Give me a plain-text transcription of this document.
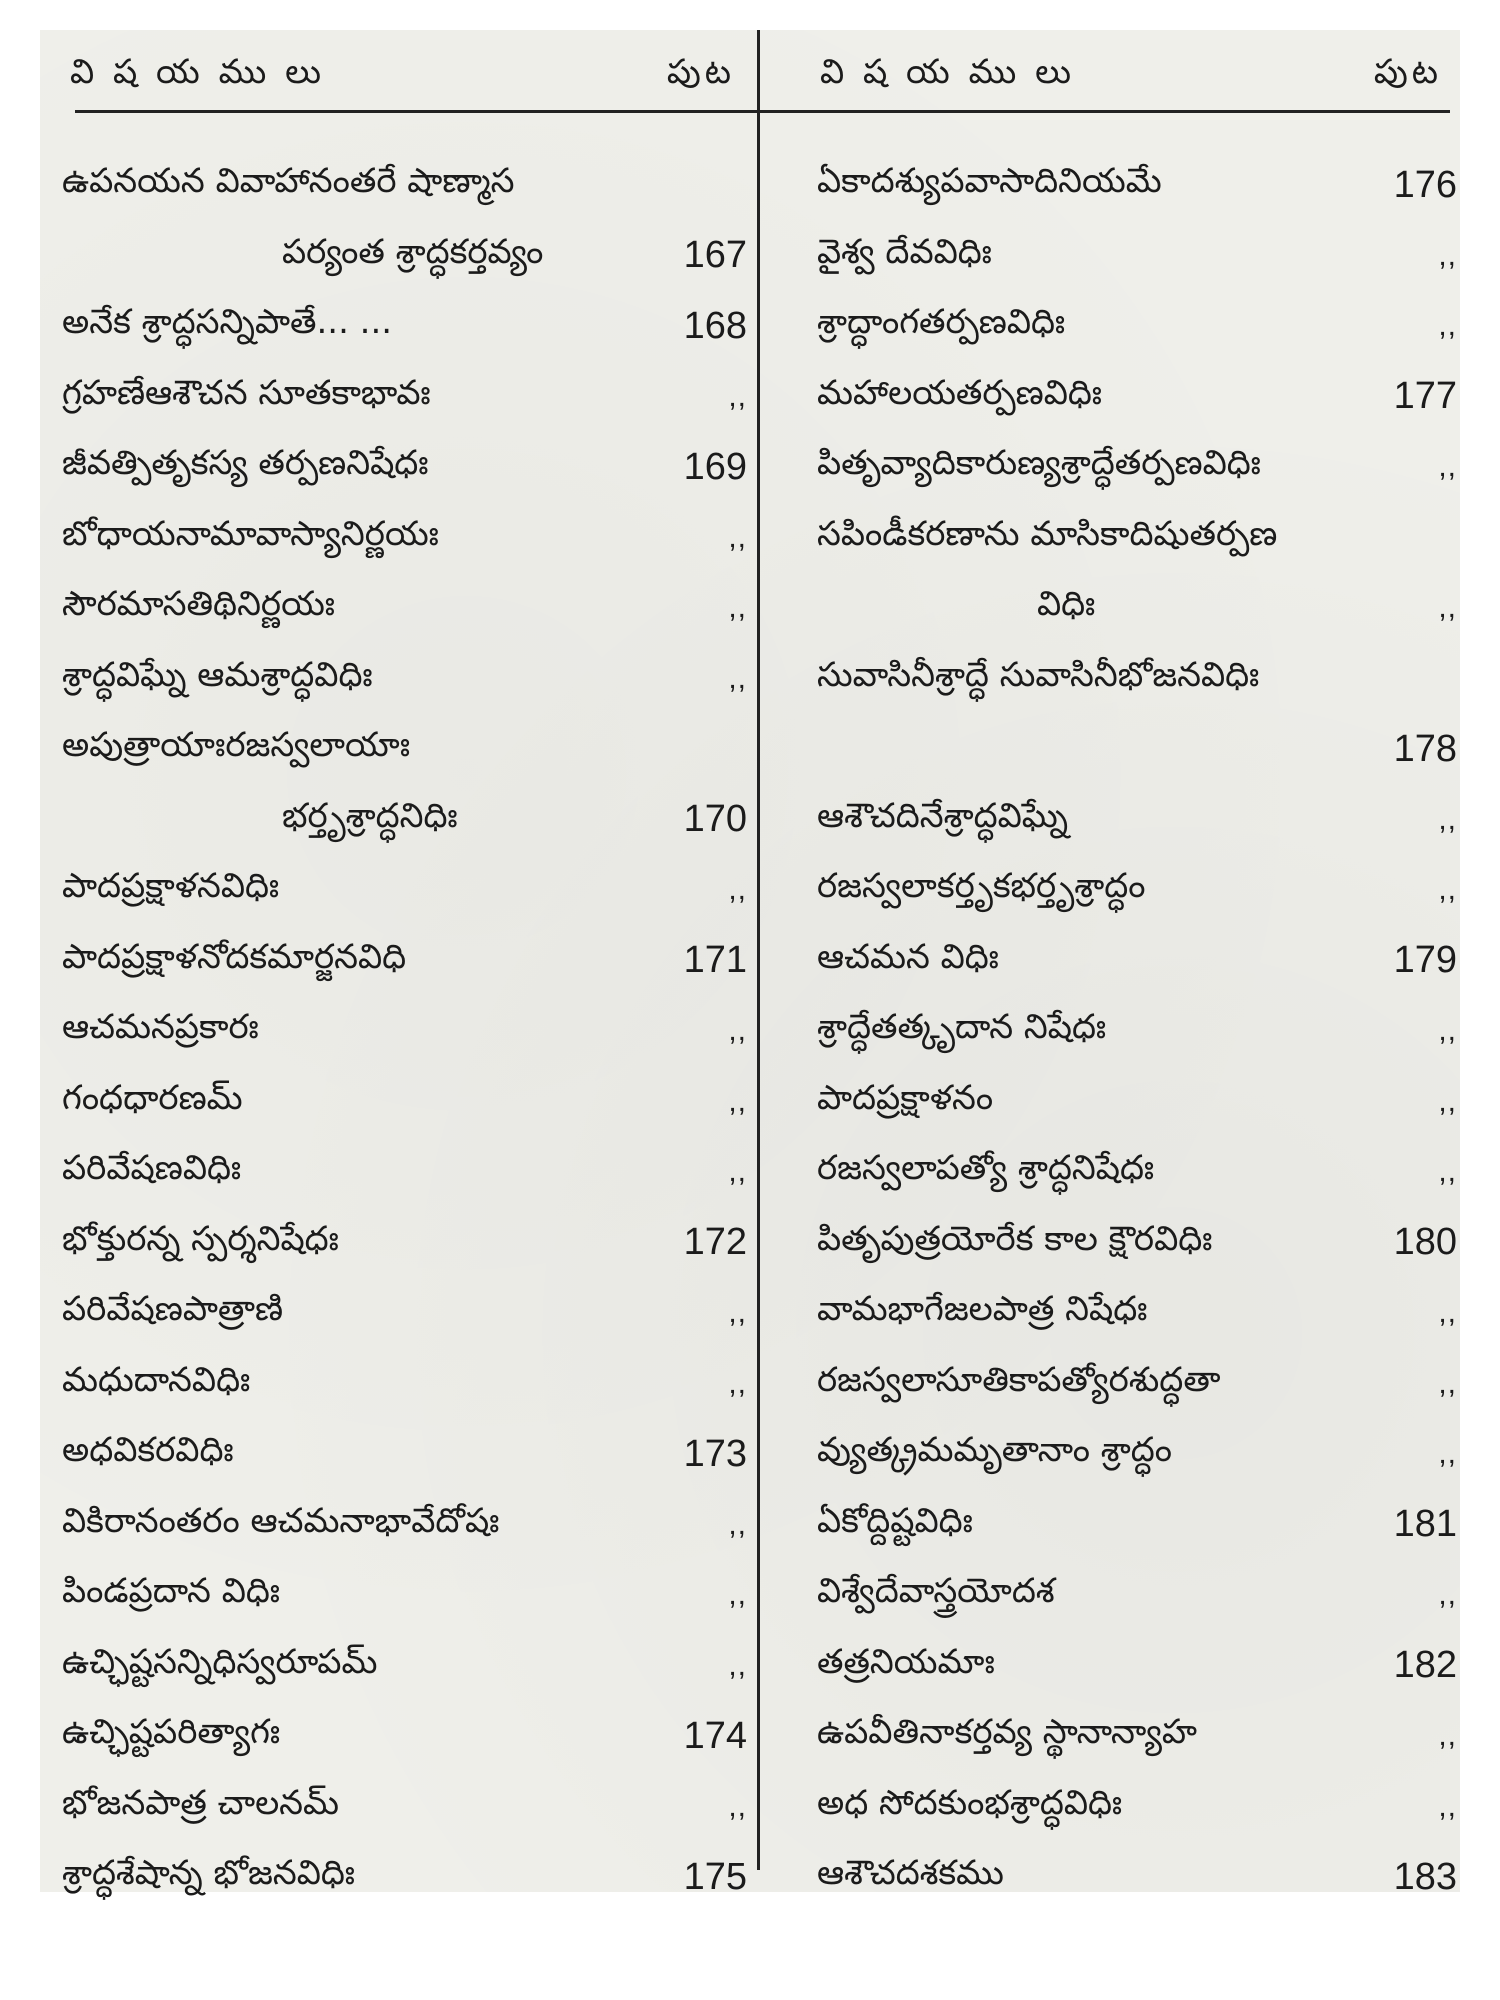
వి ష య ము లు	పుట
ఉపనయన వివాహానంతరే షాణ్మాస
పర్యంత శ్రాద్ధకర్తవ్యం	167
అనేక శ్రాద్ధసన్నిపాతే... ...	168
గ్రహణేఆశౌచన సూతకాభావః	,,
జీవత్పితృకస్య తర్పణనిషేధః	169
బోధాయనామావాస్యానిర్ణయః	,,
సౌరమాసతిథినిర్ణయః	,,
శ్రాద్ధవిఘ్నే ఆమశ్రాద్ధవిధిః	,,
అపుత్రాయాఃరజస్వలాయాః
భర్తృశ్రాద్ధనిధిః	170
పాదప్రక్షాళనవిధిః	,,
పాదప్రక్షాళనోదకమార్జనవిధి	171
ఆచమనప్రకారః	,,
గంధధారణమ్	,,
పరివేషణవిధిః	,,
భోక్తురన్న స్పర్శనిషేధః	172
పరివేషణపాత్రాణి	,,
మధుదానవిధిః	,,
అధవికరవిధిః	173
వికిరానంతరం ఆచమనాభావేదోషః	,,
పిండప్రదాన విధిః	,,
ఉచ్ఛిష్టసన్నిధిస్వరూపమ్	,,
ఉచ్ఛిష్టపరిత్యాగః	174
భోజనపాత్ర చాలనమ్	,,
శ్రాద్ధశేషాన్న భోజనవిధిః	175
వి ష య ము లు	పుట
ఏకాదశ్యుపవాసాదినియమే	176
వైశ్వ దేవవిధిః	,,
శ్రాద్ధాంగతర్పణవిధిః	,,
మహాలయతర్పణవిధిః	177
పితృవ్యాదికారుణ్యశ్రాద్ధేతర్పణవిధిః	,,
సపిండీకరణాను మాసికాదిషుతర్పణ
విధిః	,,
సువాసినీశ్రాద్ధే సువాసినీభోజనవిధిః
178
ఆశౌచదినేశ్రాద్ధవిఘ్నే	,,
రజస్వలాకర్తృకభర్తృశ్రాద్ధం	,,
ఆచమన విధిః	179
శ్రాద్ధేతత్కృదాన నిషేధః	,,
పాదప్రక్షాళనం	,,
రజస్వలాపత్యో శ్రాద్ధనిషేధః	,,
పితృపుత్రయోరేక కాల క్షౌరవిధిః	180
వామభాగేజలపాత్ర నిషేధః	,,
రజస్వలాసూతికాపత్యోరశుద్ధతా	,,
వ్యుత్క్రమమృతానాం శ్రాద్ధం	,,
ఏకోద్దిష్టవిధిః	181
విశ్వేదేవాస్త్రయోదశ	,,
తత్రనియమాః	182
ఉపవీతినాకర్తవ్య స్థానాన్యాహ	,,
అధ సోదకుంభశ్రాద్ధవిధిః	,,
ఆశౌచదశకము	183
